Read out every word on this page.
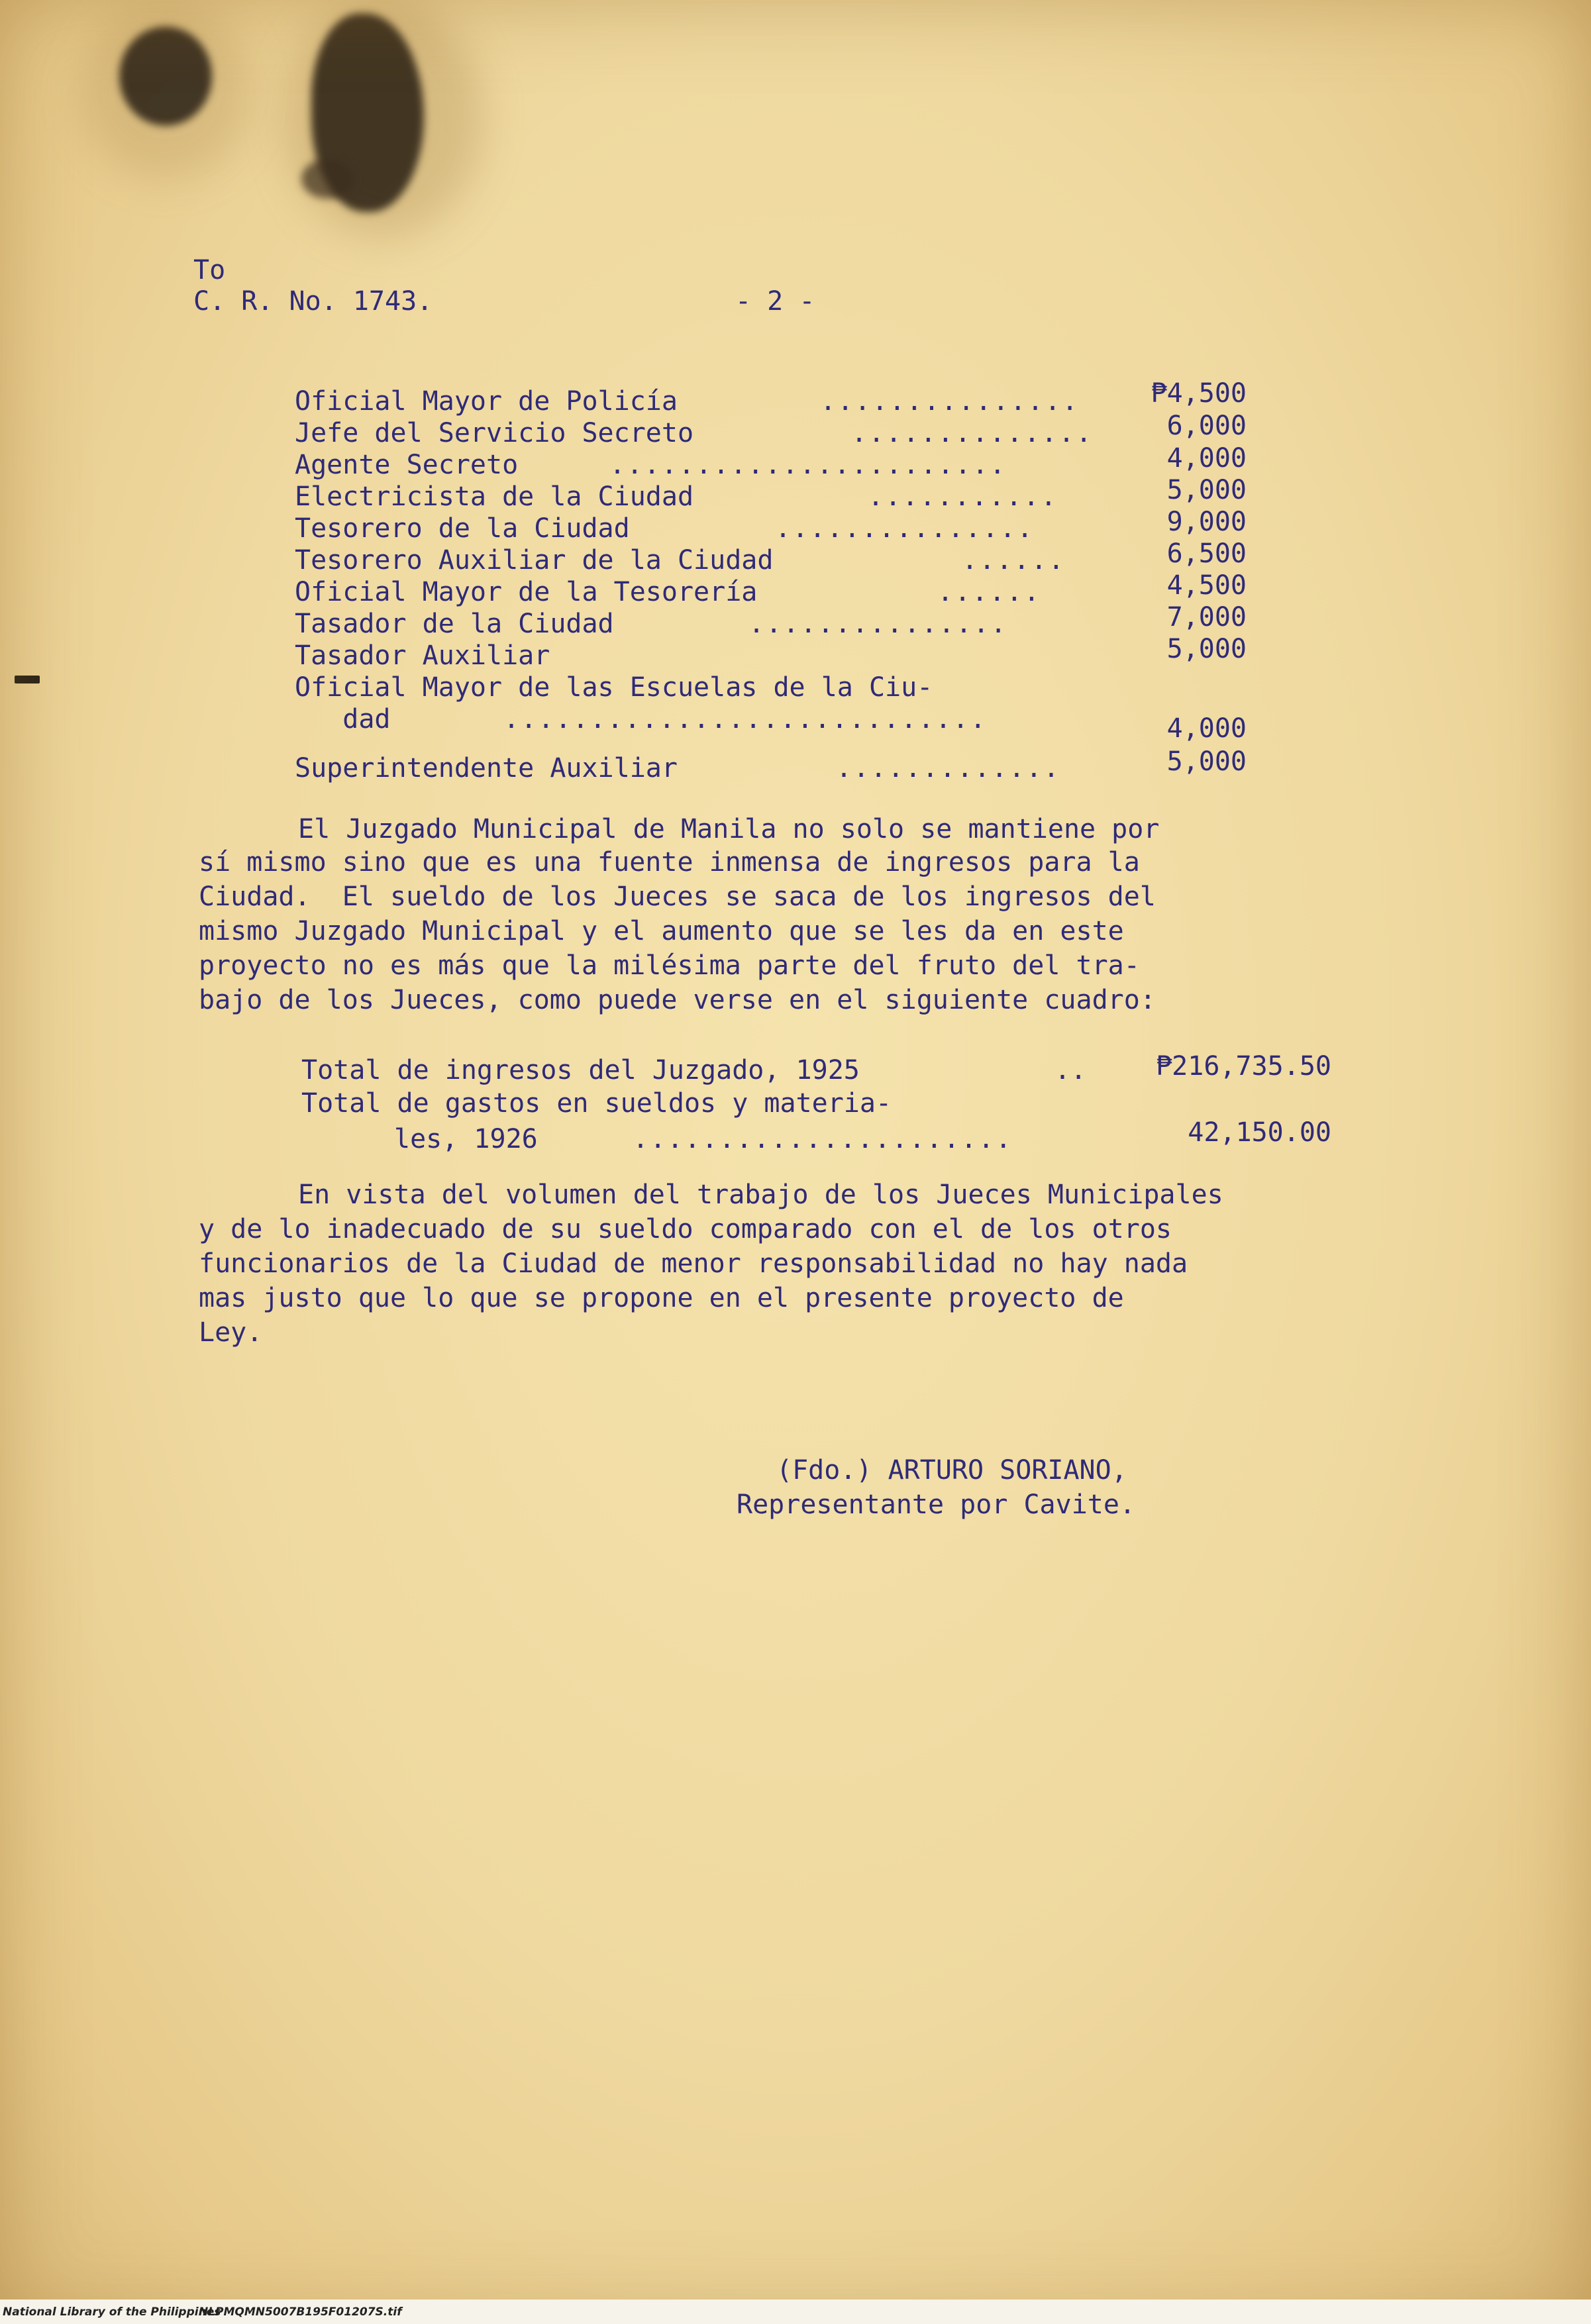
To
C. R. No. 1743.	- 2 -
Oficial Mayor de Policía	...............	₱4,500
Jefe del Servicio Secreto	..............	6,000
Agente Secreto	.......................	4,000
Electricista de la Ciudad	...........	5,000
Tesorero de la Ciudad	...............	9,000
Tesorero Auxiliar de la Ciudad	......	6,500
Oficial Mayor de la Tesorería	......	4,500
Tasador de la Ciudad	...............	7,000
Tasador Auxiliar	5,000
Oficial Mayor de las Escuelas de la Ciu-
dad	............................	4,000
Superintendente Auxiliar	.............	5,000
El Juzgado Municipal de Manila no solo se mantiene por
sí mismo sino que es una fuente inmensa de ingresos para la
Ciudad.  El sueldo de los Jueces se saca de los ingresos del
mismo Juzgado Municipal y el aumento que se les da en este
proyecto no es más que la milésima parte del fruto del tra-
bajo de los Jueces, como puede verse en el siguiente cuadro:
Total de ingresos del Juzgado, 1925	..	₱216,735.50
Total de gastos en sueldos y materia-
les, 1926	......................	42,150.00
En vista del volumen del trabajo de los Jueces Municipales
y de lo inadecuado de su sueldo comparado con el de los otros
funcionarios de la Ciudad de menor responsabilidad no hay nada
mas justo que lo que se propone en el presente proyecto de
Ley.
(Fdo.) ARTURO SORIANO,
Representante por Cavite.
National Library of the Philippines
NLPMQMN5007B195F01207S.tif
